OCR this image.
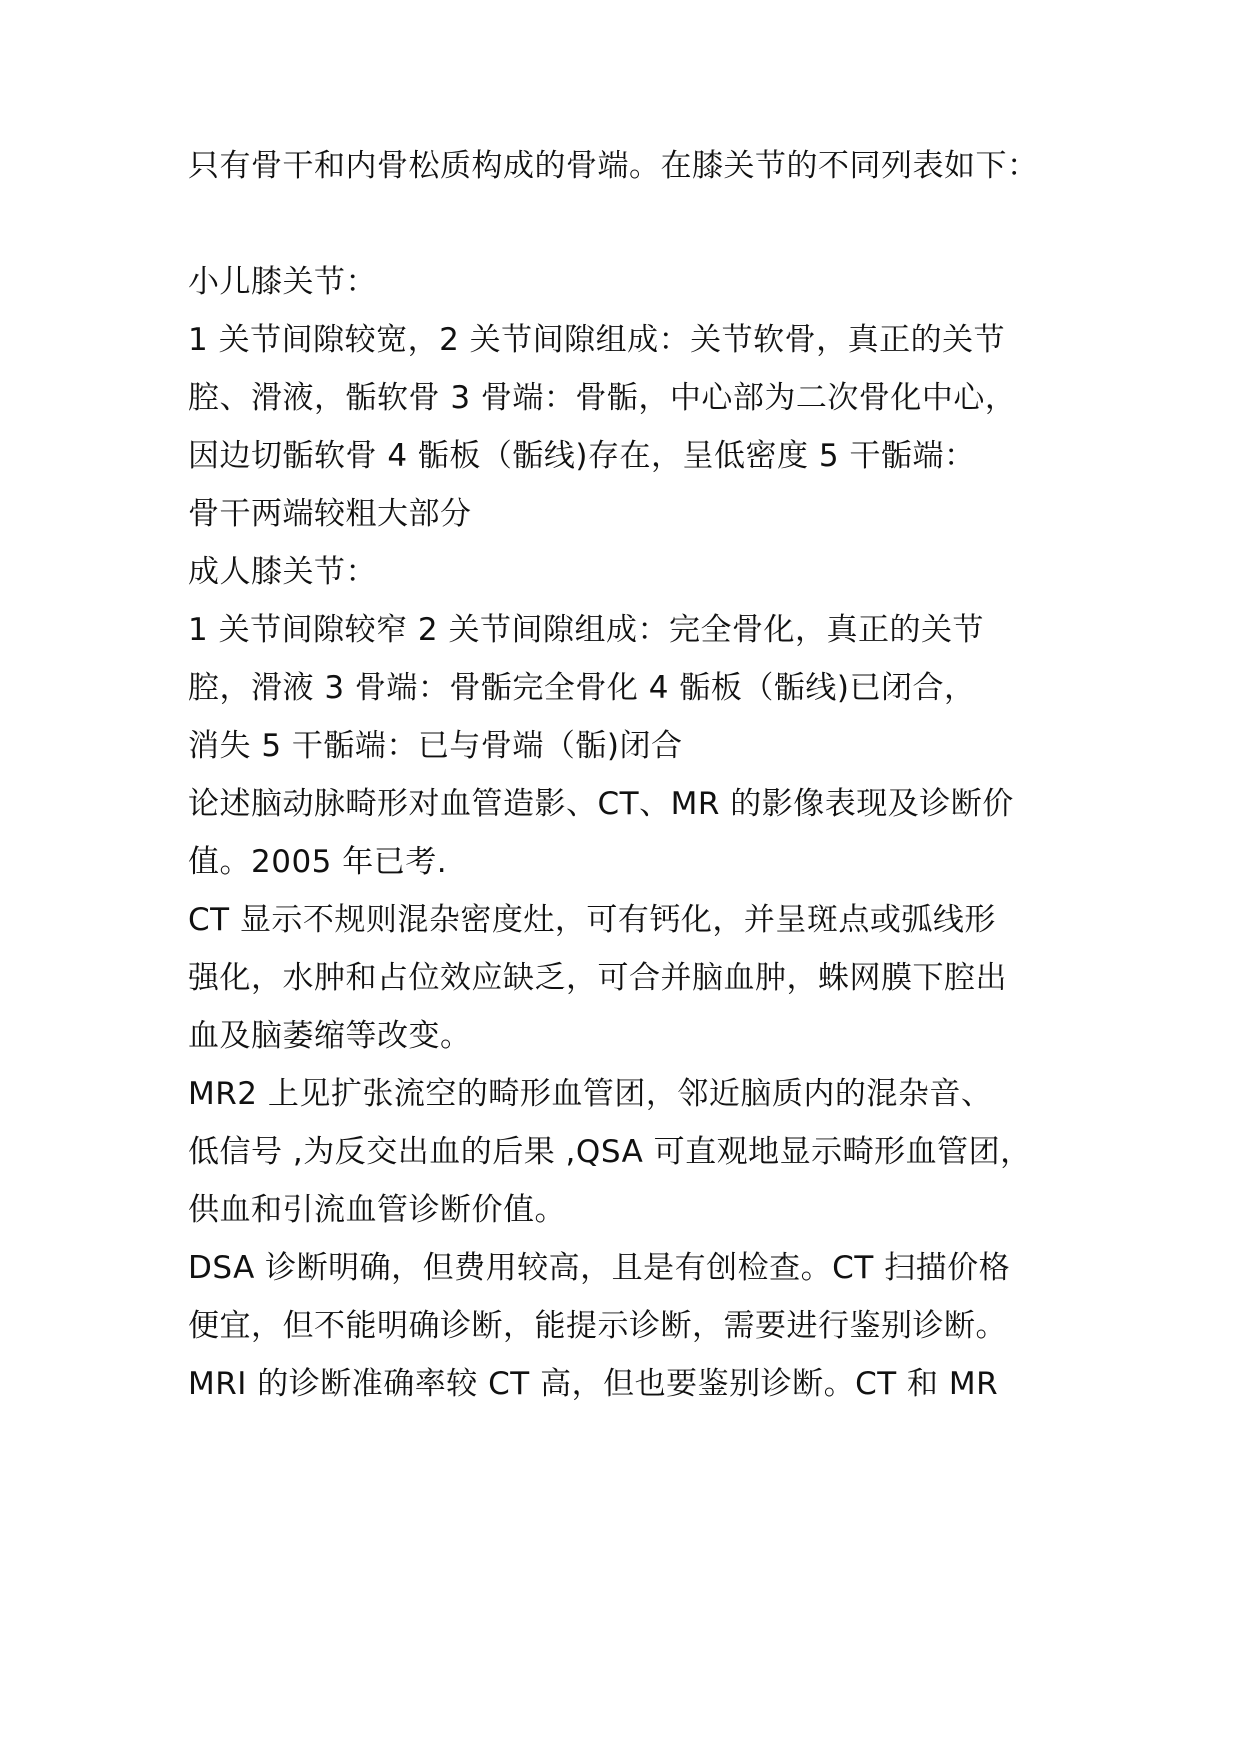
只有骨干和内骨松质构成的骨端。在膝关节的不同列表如下：
小儿膝关节：
1 关节间隙较宽，2 关节间隙组成：关节软骨，真正的关节
腔、滑液，骺软骨 3 骨端：骨骺，中心部为二次骨化中心，
因边切骺软骨 4 骺板（骺线)存在，呈低密度 5 干骺端：
骨干两端较粗大部分
成人膝关节：
1 关节间隙较窄 2 关节间隙组成：完全骨化，真正的关节
腔，滑液 3 骨端：骨骺完全骨化 4 骺板（骺线)已闭合，
消失 5 干骺端：已与骨端（骺)闭合
论述脑动脉畸形对血管造影、CT、MR 的影像表现及诊断价
值。2005 年已考.
CT 显示不规则混杂密度灶，可有钙化，并呈斑点或弧线形
强化，水肿和占位效应缺乏，可合并脑血肿，蛛网膜下腔出
血及脑萎缩等改变。
MR2 上见扩张流空的畸形血管团，邻近脑质内的混杂音、
低信号 ,为反交出血的后果 ,QSA 可直观地显示畸形血管团，
供血和引流血管诊断价值。
DSA 诊断明确，但费用较高，且是有创检查。CT 扫描价格
便宜，但不能明确诊断，能提示诊断，需要进行鉴别诊断。
MRI 的诊断准确率较 CT 高，但也要鉴别诊断。CT 和 MR
